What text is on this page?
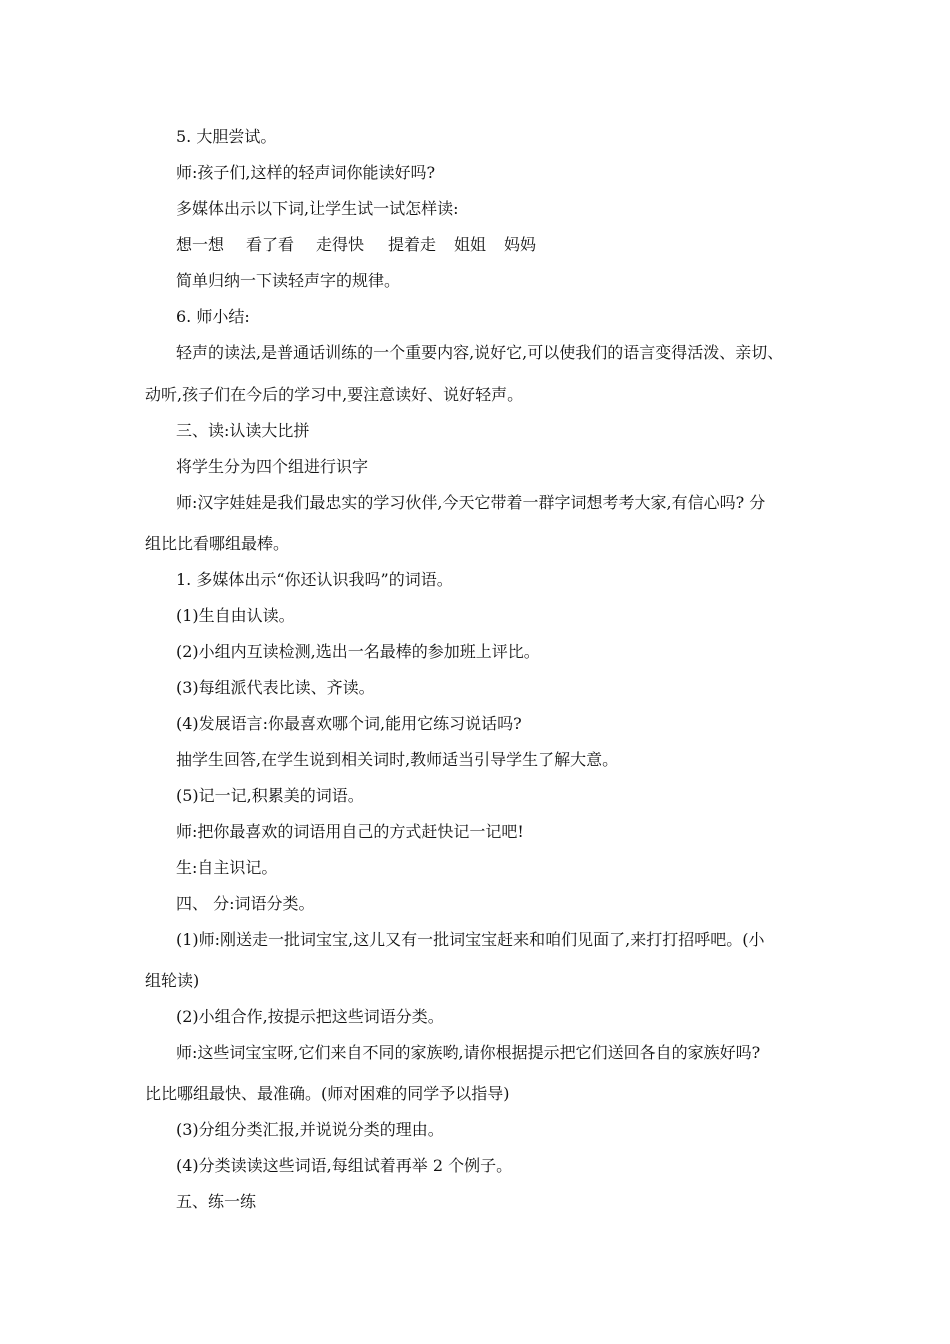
5. 大胆尝试。
师:孩子们,这样的轻声词你能读好吗?
多媒体出示以下词,让学生试一试怎样读:
想一想 看了看 走得快 提着走 姐姐 妈妈
简单归纳一下读轻声字的规律。
6. 师小结:
轻声的读法,是普通话训练的一个重要内容,说好它,可以使我们的语言变得活泼、亲切、
动听,孩子们在今后的学习中,要注意读好、说好轻声。
三、读:认读大比拼
将学生分为四个组进行识字
师:汉字娃娃是我们最忠实的学习伙伴,今天它带着一群字词想考考大家,有信心吗? 分
组比比看哪组最棒。
1. 多媒体出示“你还认识我吗”的词语。
(1)生自由认读。
(2)小组内互读检测,选出一名最棒的参加班上评比。
(3)每组派代表比读、齐读。
(4)发展语言:你最喜欢哪个词,能用它练习说话吗?
抽学生回答,在学生说到相关词时,教师适当引导学生了解大意。
(5)记一记,积累美的词语。
师:把你最喜欢的词语用自己的方式赶快记一记吧!
生:自主识记。
四、 分:词语分类。
(1)师:刚送走一批词宝宝,这儿又有一批词宝宝赶来和咱们见面了,来打打招呼吧。(小
组轮读)
(2)小组合作,按提示把这些词语分类。
师:这些词宝宝呀,它们来自不同的家族哟,请你根据提示把它们送回各自的家族好吗?
比比哪组最快、最准确。(师对困难的同学予以指导)
(3)分组分类汇报,并说说分类的理由。
(4)分类读读这些词语,每组试着再举 2 个例子。
五、练一练
